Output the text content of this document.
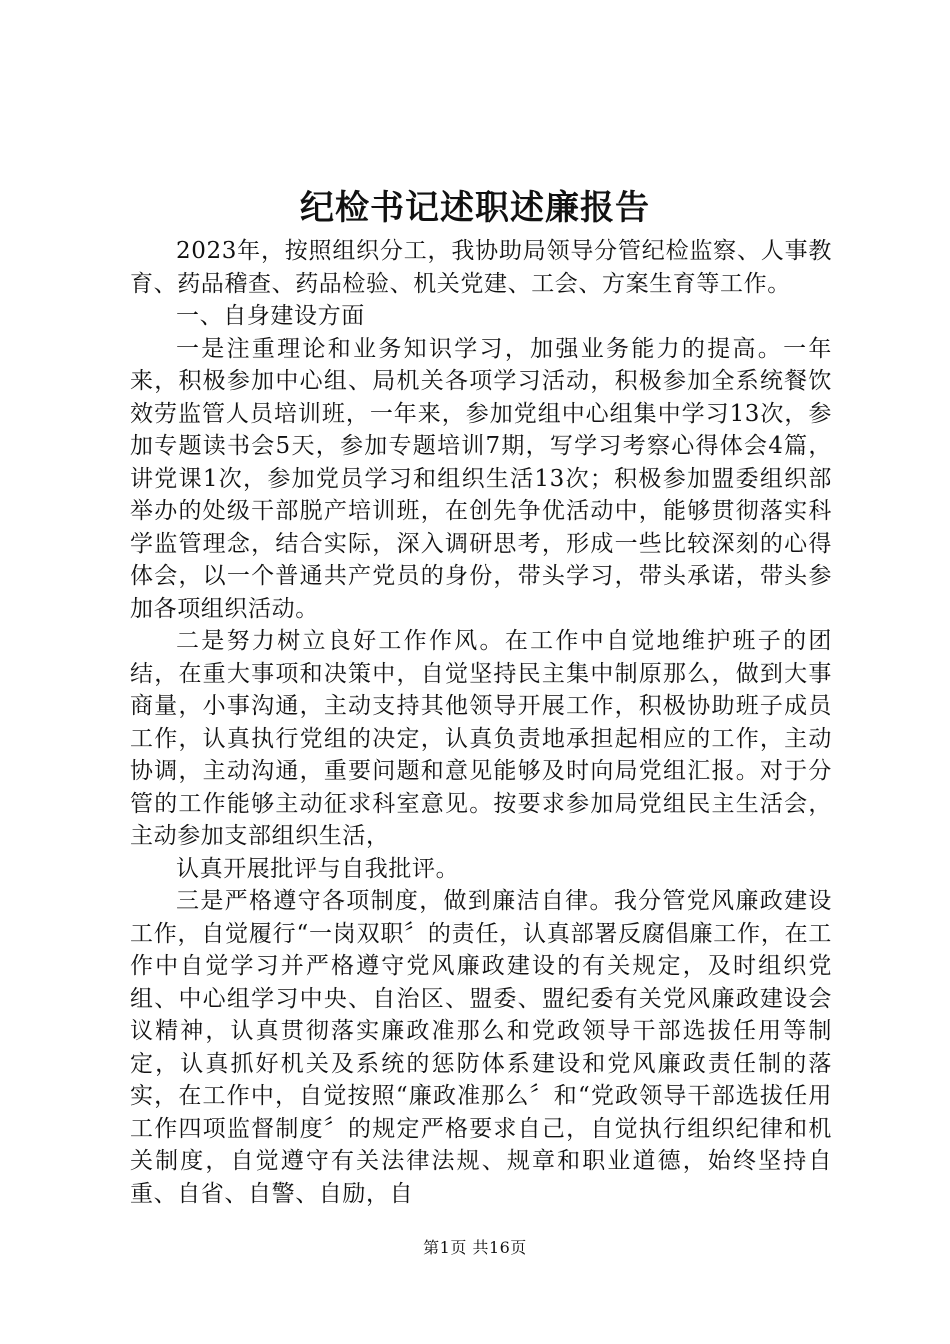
纪检书记述职述廉报告

2023年，按照组织分工，我协助局领导分管纪检监察、人事教育、药品稽查、药品检验、机关党建、工会、方案生育等工作。

一、自身建设方面

一是注重理论和业务知识学习，加强业务能力的提高。一年来，积极参加中心组、局机关各项学习活动，积极参加全系统餐饮效劳监管人员培训班，一年来，参加党组中心组集中学习13次，参加专题读书会5天，参加专题培训7期，写学习考察心得体会4篇，讲党课1次，参加党员学习和组织生活13次；积极参加盟委组织部举办的处级干部脱产培训班，在创先争优活动中，能够贯彻落实科学监管理念，结合实际，深入调研思考，形成一些比较深刻的心得体会，以一个普通共产党员的身份，带头学习，带头承诺，带头参加各项组织活动。

二是努力树立良好工作作风。在工作中自觉地维护班子的团结，在重大事项和决策中，自觉坚持民主集中制原那么，做到大事商量，小事沟通，主动支持其他领导开展工作，积极协助班子成员工作，认真执行党组的决定，认真负责地承担起相应的工作，主动协调，主动沟通，重要问题和意见能够及时向局党组汇报。对于分管的工作能够主动征求科室意见。按要求参加局党组民主生活会，主动参加支部组织生活，

认真开展批评与自我批评。

三是严格遵守各项制度，做到廉洁自律。我分管党风廉政建设工作，自觉履行“一岗双职〞的责任，认真部署反腐倡廉工作，在工作中自觉学习并严格遵守党风廉政建设的有关规定，及时组织党组、中心组学习中央、自治区、盟委、盟纪委有关党风廉政建设会议精神，认真贯彻落实廉政准那么和党政领导干部选拔任用等制定，认真抓好机关及系统的惩防体系建设和党风廉政责任制的落实，在工作中，自觉按照“廉政准那么〞和“党政领导干部选拔任用工作四项监督制度〞的规定严格要求自己，自觉执行组织纪律和机关制度，自觉遵守有关法律法规、规章和职业道德，始终坚持自重、自省、自警、自励，自

第1页 共16页
